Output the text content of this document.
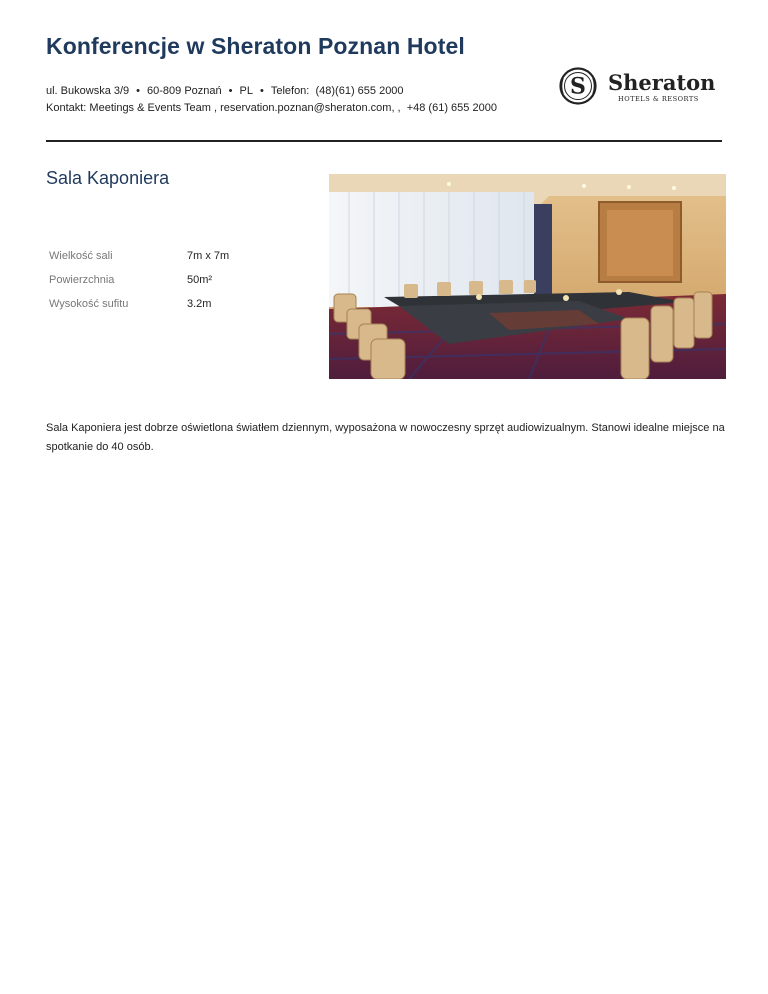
Konferencje w Sheraton Poznan Hotel
ul. Bukowska 3/9 • 60-809 Poznań • PL • Telefon: (48)(61) 655 2000
Kontakt: Meetings & Events Team , reservation.poznan@sheraton.com, ,  +48 (61) 655 2000
S Sheraton
HOTELS & RESORTS
Sala Kaponiera
Wielkość sali	7m x 7m
Powierzchnia	50m²
Wysokość sufitu	3.2m

Sala Kaponiera jest dobrze oświetlona światłem dziennym, wyposażona w nowoczesny sprzęt audiowizualnym. Stanowi idealne miejsce na spotkanie do 40 osób.
